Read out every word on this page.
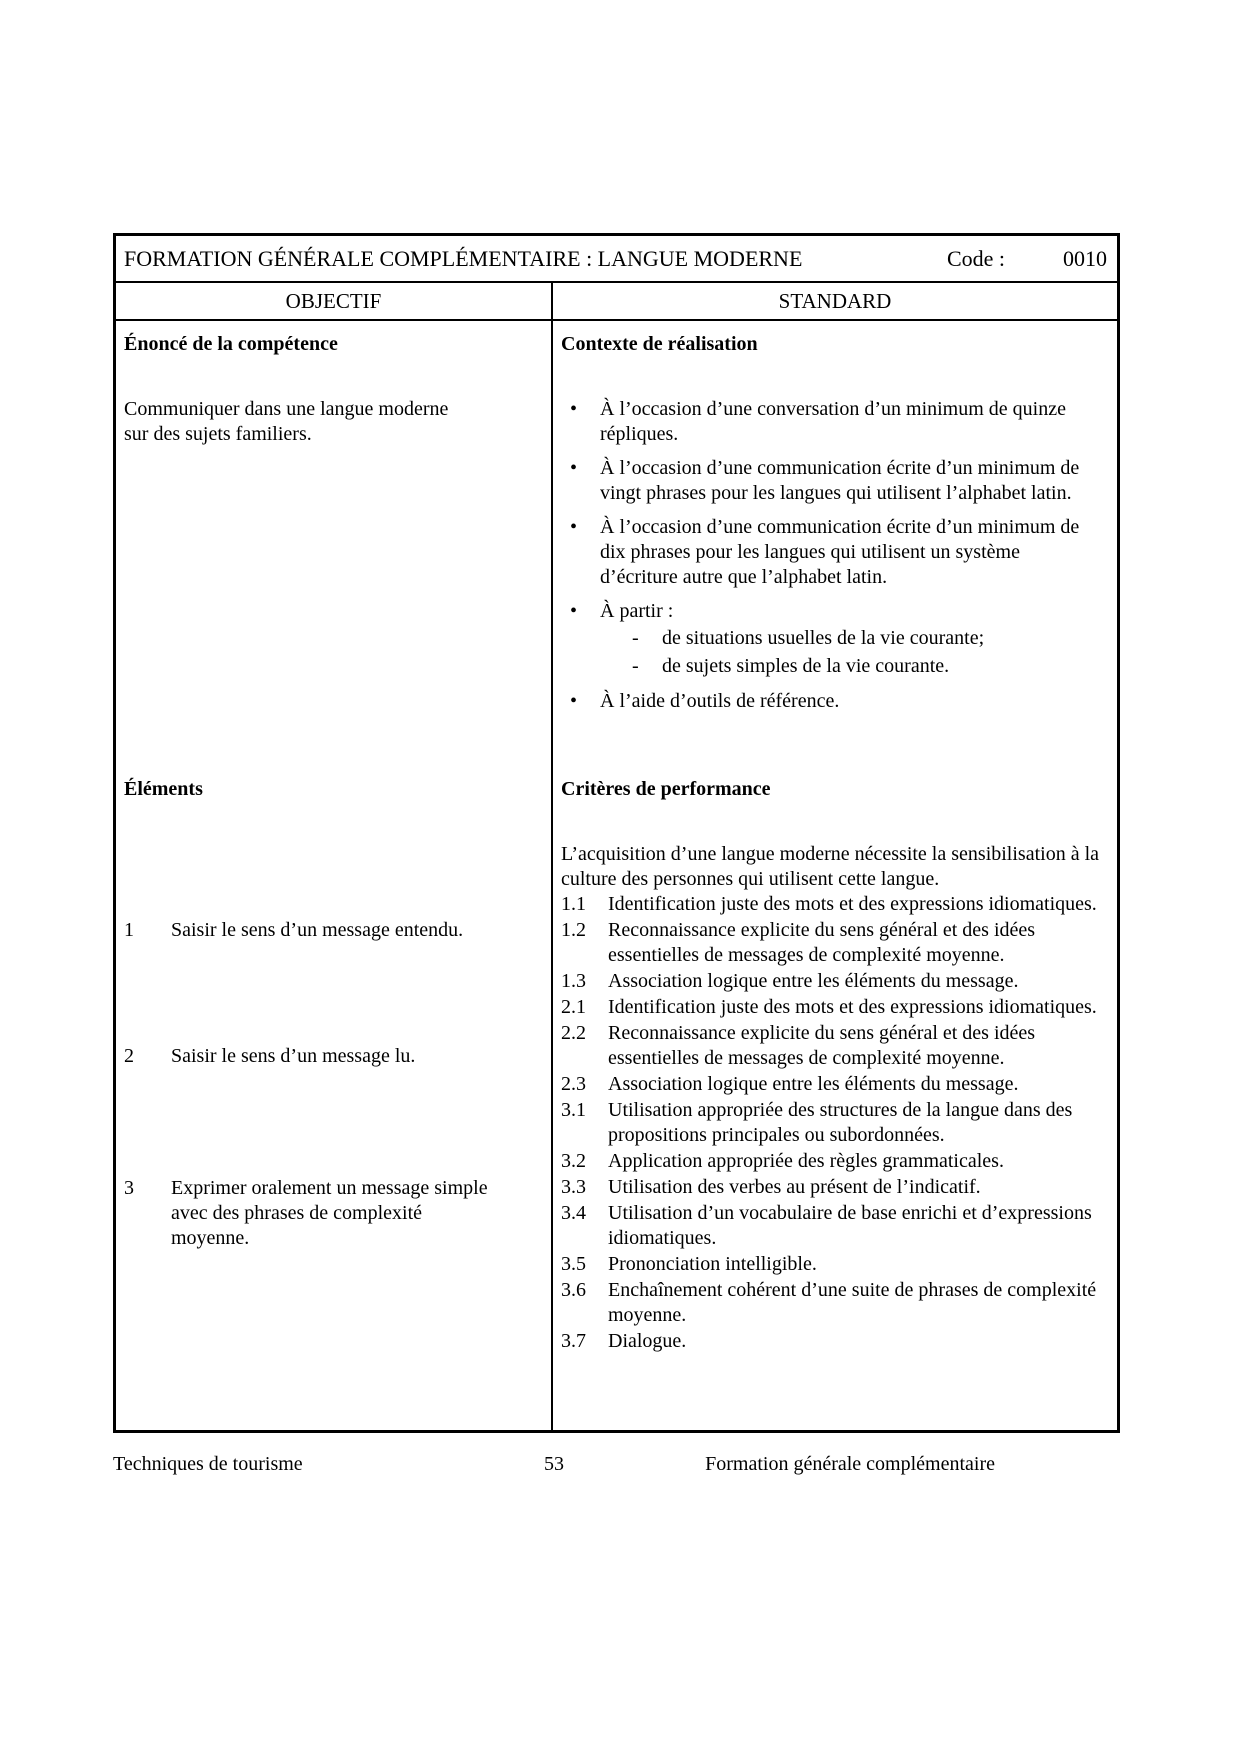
FORMATION GÉNÉRALE COMPLÉMENTAIRE : LANGUE MODERNE	Code :	0010
OBJECTIF	STANDARD
Énoncé de la compétence

Communiquer dans une langue moderne sur des sujets familiers.

Éléments
1	Saisir le sens d’un message entendu.
2	Saisir le sens d’un message lu.
3	Exprimer oralement un message simple avec des phrases de complexité moyenne.
Contexte de réalisation
•	À l’occasion d’une conversation d’un minimum de quinze répliques.
•	À l’occasion d’une communication écrite d’un minimum de vingt phrases pour les langues qui utilisent l’alphabet latin.
•	À l’occasion d’une communication écrite d’un minimum de dix phrases pour les langues qui utilisent un système d’écriture autre que l’alphabet latin.
•	À partir :
-	de situations usuelles de la vie courante;
-	de sujets simples de la vie courante.
•	À l’aide d’outils de référence.
Critères de performance

L’acquisition d’une langue moderne nécessite la sensibilisation à la culture des personnes qui utilisent cette langue.

1.1	Identification juste des mots et des expressions idiomatiques.
1.2	Reconnaissance explicite du sens général et des idées essentielles de messages de complexité moyenne.
1.3	Association logique entre les éléments du message.
2.1	Identification juste des mots et des expressions idiomatiques.
2.2	Reconnaissance explicite du sens général et des idées essentielles de messages de complexité moyenne.
2.3	Association logique entre les éléments du message.
3.1	Utilisation appropriée des structures de la langue dans des propositions principales ou subordonnées.
3.2	Application appropriée des règles grammaticales.
3.3	Utilisation des verbes au présent de l’indicatif.
3.4	Utilisation d’un vocabulaire de base enrichi et d’expressions idiomatiques.
3.5	Prononciation intelligible.
3.6	Enchaînement cohérent d’une suite de phrases de complexité moyenne.
3.7	Dialogue.
Techniques de tourisme	53	Formation générale complémentaire
